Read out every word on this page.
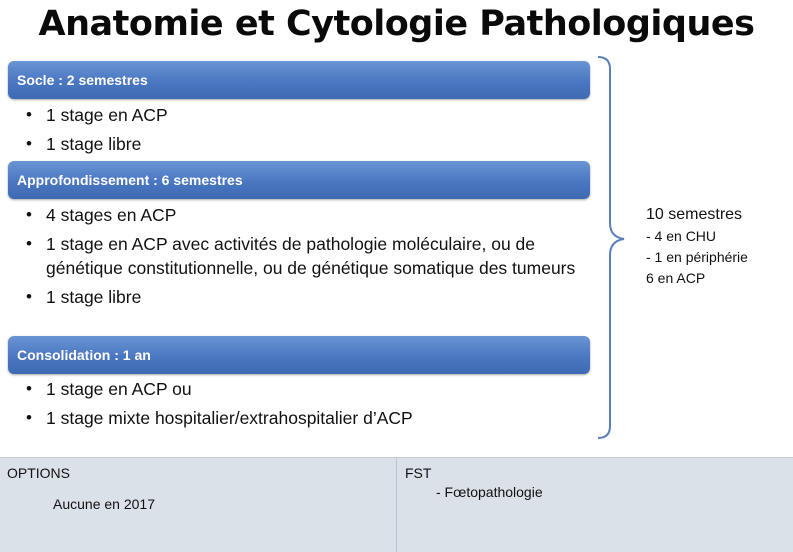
Anatomie et Cytologie Pathologiques
Socle : 2 semestres
• 1 stage en ACP
• 1 stage libre
Approfondissement : 6 semestres
• 4 stages en ACP
• 1 stage en ACP avec activités de pathologie moléculaire, ou de génétique constitutionnelle, ou de génétique somatique des tumeurs
• 1 stage libre
Consolidation : 1 an
• 1 stage en ACP ou
• 1 stage mixte hospitalier/extrahospitalier d’ACP
10 semestres
- 4 en CHU
- 1 en périphérie
6 en ACP
OPTIONS
Aucune en 2017
FST
- Fœtopathologie
